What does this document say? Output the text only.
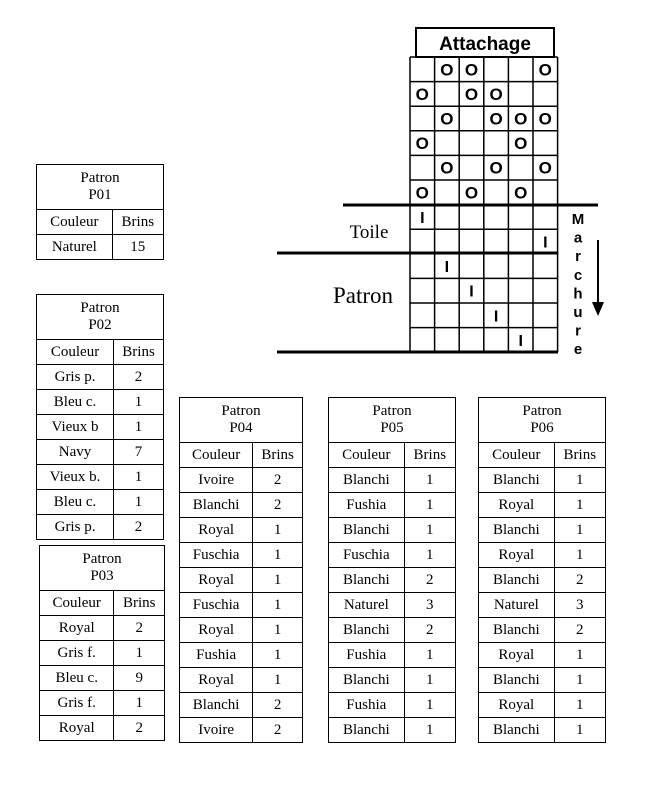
Attachage
Toile
Patron
M
a
r
c
h
u
r
e
O O	O
O O O
O O O O
O	O
O O O
O O O
I
I
I
I
I
I
Patron
P01	
Couleur	Brins
Naturel	15
Patron
P02	
Couleur	Brins
Gris p.	2
Bleu c.	1
Vieux b	1
Navy	7
Vieux b.	1
Bleu c.	1
Gris p.	2
Patron
P03	
Couleur	Brins
Royal	2
Gris f.	1
Bleu c.	9
Gris f.	1
Royal	2
Patron
P04	
Couleur	Brins
Ivoire	2
Blanchi	2
Royal	1
Fuschia	1
Royal	1
Fuschia	1
Royal	1
Fushia	1
Royal	1
Blanchi	2
Ivoire	2
Patron
P05	
Couleur	Brins
Blanchi	1
Fushia	1
Blanchi	1
Fuschia	1
Blanchi	2
Naturel	3
Blanchi	2
Fushia	1
Blanchi	1
Fushia	1
Blanchi	1
Patron
P06	
Couleur	Brins
Blanchi	1
Royal	1
Blanchi	1
Royal	1
Blanchi	2
Naturel	3
Blanchi	2
Royal	1
Blanchi	1
Royal	1
Blanchi	1
